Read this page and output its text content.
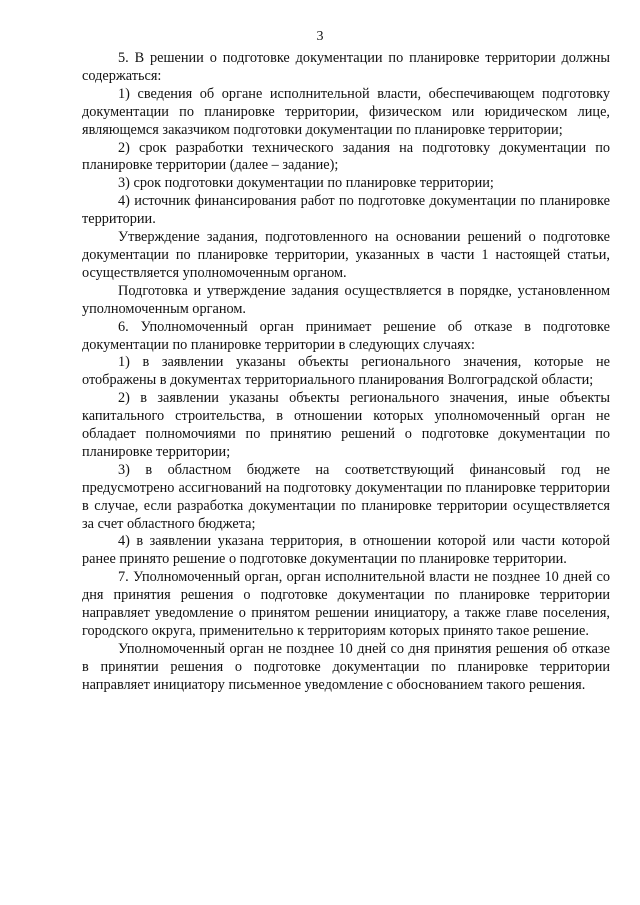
3

5. В решении о подготовке документации по планировке территории должны содержаться:

1) сведения об органе исполнительной власти, обеспечивающем подготовку документации по планировке территории, физическом или юридическом лице, являющемся заказчиком подготовки документации по планировке территории;

2) срок разработки технического задания на подготовку документации по планировке территории (далее – задание);

3) срок подготовки документации по планировке территории;

4) источник финансирования работ по подготовке документации по планировке территории.

Утверждение задания, подготовленного на основании решений о подготовке документации по планировке территории, указанных в части 1 настоящей статьи, осуществляется уполномоченным органом.

Подготовка и утверждение задания осуществляется в порядке, установленном уполномоченным органом.

6. Уполномоченный орган принимает решение об отказе в подготовке документации по планировке территории в следующих случаях:

1) в заявлении указаны объекты регионального значения, которые не отображены в документах территориального планирования Волгоградской области;

2) в заявлении указаны объекты регионального значения, иные объекты капитального строительства, в отношении которых уполномоченный орган не обладает полномочиями по принятию решений о подготовке документации по планировке территории;

3) в областном бюджете на соответствующий финансовый год не предусмотрено ассигнований на подготовку документации по планировке территории в случае, если разработка документации по планировке территории осуществляется за счет областного бюджета;

4) в заявлении указана территория, в отношении которой или части которой ранее принято решение о подготовке документации по планировке территории.

7. Уполномоченный орган, орган исполнительной власти не позднее 10 дней со дня принятия решения о подготовке документации по планировке территории направляет уведомление о принятом решении инициатору, а также главе поселения, городского округа, применительно к территориям которых принято такое решение.

Уполномоченный орган не позднее 10 дней со дня принятия решения об отказе в принятии решения о подготовке документации по планировке территории направляет инициатору письменное уведомление с обоснованием такого решения.
